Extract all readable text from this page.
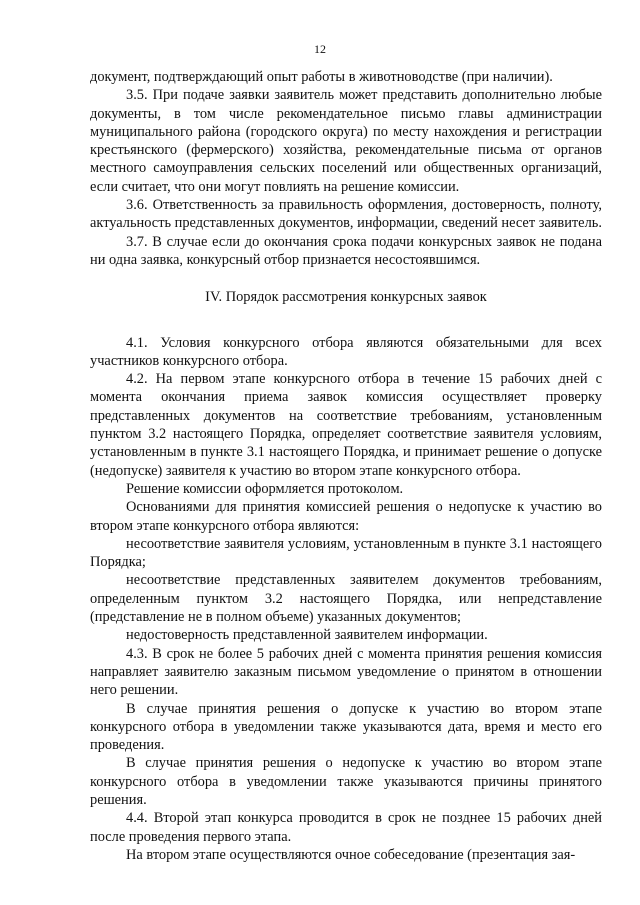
12

документ, подтверждающий опыт работы в животноводстве (при наличии).

3.5. При подаче заявки заявитель может представить дополнительно любые документы, в том числе рекомендательное письмо главы администрации муниципального района (городского округа) по месту нахождения и регистрации крестьянского (фермерского) хозяйства, рекомендательные письма от органов местного самоуправления сельских поселений или общественных организаций, если считает, что они могут повлиять на решение комиссии.

3.6. Ответственность за правильность оформления, достоверность, полноту, актуальность представленных документов, информации, сведений несет заявитель.

3.7. В случае если до окончания срока подачи конкурсных заявок не подана ни одна заявка, конкурсный отбор признается несостоявшимся.

IV. Порядок рассмотрения конкурсных заявок

4.1. Условия конкурсного отбора являются обязательными для всех участников конкурсного отбора.

4.2. На первом этапе конкурсного отбора в течение 15 рабочих дней с момента окончания приема заявок комиссия осуществляет проверку представленных документов на соответствие требованиям, установленным пунктом 3.2 настоящего Порядка, определяет соответствие заявителя условиям, установленным в пункте 3.1 настоящего Порядка, и принимает решение о допуске (недопуске) заявителя к участию во втором этапе конкурсного отбора.

Решение комиссии оформляется протоколом.

Основаниями для принятия комиссией решения о недопуске к участию во втором этапе конкурсного отбора являются:

несоответствие заявителя условиям, установленным в пункте 3.1 настоящего Порядка;

несоответствие представленных заявителем документов требованиям, определенным пунктом 3.2 настоящего Порядка, или непредставление (представление не в полном объеме) указанных документов;

недостоверность представленной заявителем информации.

4.3. В срок не более 5 рабочих дней с момента принятия решения комиссия направляет заявителю заказным письмом уведомление о принятом в отношении него решении.

В случае принятия решения о допуске к участию во втором этапе конкурсного отбора в уведомлении также указываются дата, время и место его проведения.

В случае принятия решения о недопуске к участию во втором этапе конкурсного отбора в уведомлении также указываются причины принятого решения.

4.4. Второй этап конкурса проводится в срок не позднее 15 рабочих дней после проведения первого этапа.

На втором этапе осуществляются очное собеседование (презентация зая-
